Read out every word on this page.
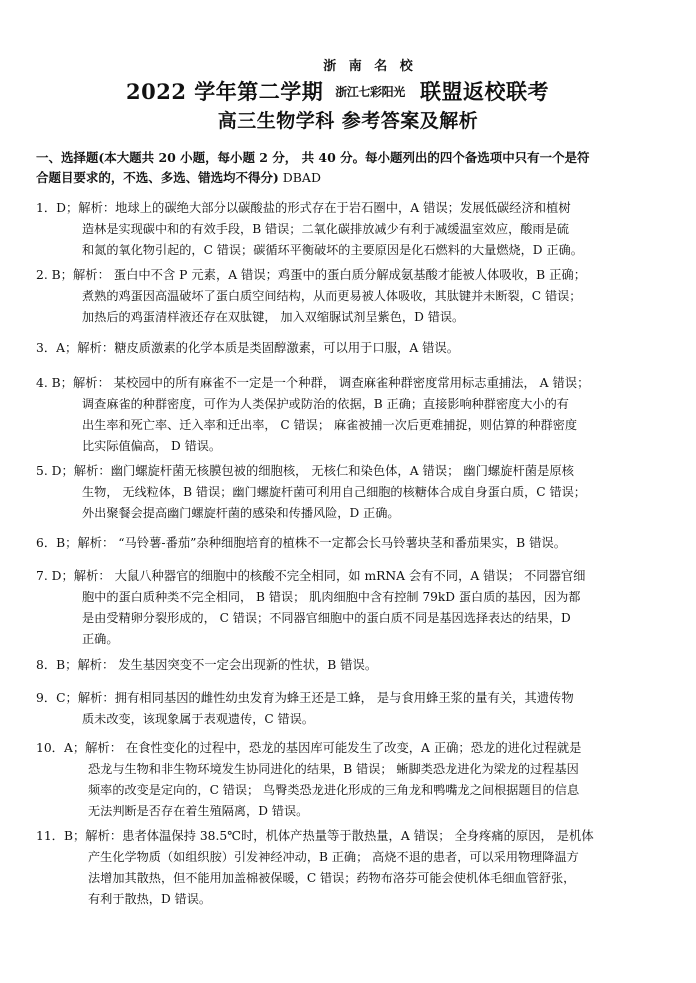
2022 学年第二学期
浙 南 名 校
浙江七彩阳光 联盟返校联考
高三生物学科 参考答案及解析
一、选择题(本大题共 20 小题，每小题 2 分， 共 40 分。每小题列出的四个备选项中只有一个是符
合题目要求的，不选、多选、错选均不得分) DBAD
1．D；解析：地球上的碳绝大部分以碳酸盐的形式存在于岩石圈中，A 错误；发展低碳经济和植树
造林是实现碳中和的有效手段，B 错误；二氧化碳排放减少有利于减缓温室效应，酸雨是硫
和氮的氧化物引起的，C 错误；碳循环平衡破坏的主要原因是化石燃料的大量燃烧，D 正确。
2. B；解析： 蛋白中不含 P 元素，A 错误；鸡蛋中的蛋白质分解成氨基酸才能被人体吸收，B 正确；
煮熟的鸡蛋因高温破坏了蛋白质空间结构，从而更易被人体吸收，其肽键并未断裂，C 错误；
加热后的鸡蛋清样液还存在双肽键， 加入双缩脲试剂呈紫色，D 错误。
3．A；解析：糖皮质激素的化学本质是类固醇激素，可以用于口服，A 错误。
4. B；解析： 某校园中的所有麻雀不一定是一个种群， 调查麻雀种群密度常用标志重捕法， A 错误；
调查麻雀的种群密度，可作为人类保护或防治的依据，B 正确；直接影响种群密度大小的有
出生率和死亡率、迁入率和迁出率， C 错误； 麻雀被捕一次后更难捕捉，则估算的种群密度
比实际值偏高， D 错误。
5. D；解析：幽门螺旋杆菌无核膜包被的细胞核， 无核仁和染色体，A 错误； 幽门螺旋杆菌是原核
生物， 无线粒体，B 错误；幽门螺旋杆菌可利用自己细胞的核糖体合成自身蛋白质，C 错误；
外出聚餐会提高幽门螺旋杆菌的感染和传播风险，D 正确。
6．B；解析： “马铃薯-番茄”杂种细胞培育的植株不一定都会长马铃薯块茎和番茄果实，B 错误。
7. D；解析： 大鼠八种器官的细胞中的核酸不完全相同，如 mRNA 会有不同，A 错误； 不同器官细
胞中的蛋白质种类不完全相同， B 错误； 肌肉细胞中含有控制 79kD 蛋白质的基因，因为都
是由受精卵分裂形成的， C 错误；不同器官细胞中的蛋白质不同是基因选择表达的结果，D
正确。
8．B；解析： 发生基因突变不一定会出现新的性状，B 错误。
9．C；解析：拥有相同基因的雌性幼虫发育为蜂王还是工蜂， 是与食用蜂王浆的量有关，其遗传物
质未改变，该现象属于表观遗传，C 错误。
10．A；解析： 在食性变化的过程中，恐龙的基因库可能发生了改变，A 正确；恐龙的进化过程就是
恐龙与生物和非生物环境发生协同进化的结果，B 错误； 蜥脚类恐龙进化为梁龙的过程基因
频率的改变是定向的，C 错误； 鸟臀类恐龙进化形成的三角龙和鸭嘴龙之间根据题目的信息
无法判断是否存在着生殖隔离，D 错误。
11．B；解析：患者体温保持 38.5℃时，机体产热量等于散热量，A 错误； 全身疼痛的原因， 是机体
产生化学物质（如组织胺）引发神经冲动，B 正确； 高烧不退的患者，可以采用物理降温方
法增加其散热，但不能用加盖棉被保暖，C 错误；药物布洛芬可能会使机体毛细血管舒张，
有利于散热，D 错误。
